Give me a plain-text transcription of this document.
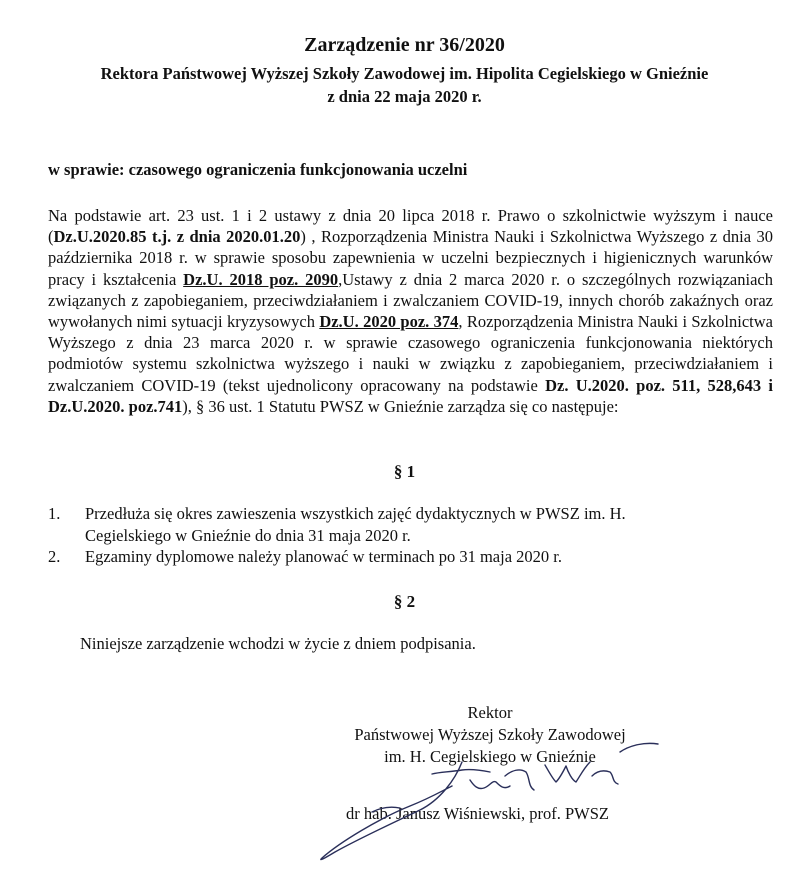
Zarządzenie nr 36/2020
Rektora Państwowej Wyższej Szkoły Zawodowej im. Hipolita Cegielskiego w Gnieźnie
z dnia 22 maja 2020 r.
w sprawie: czasowego ograniczenia funkcjonowania uczelni

Na podstawie art. 23 ust. 1 i 2 ustawy z dnia 20 lipca 2018 r. Prawo o szkolnictwie wyższym i nauce (Dz.U.2020.85 t.j. z dnia 2020.01.20) , Rozporządzenia Ministra Nauki i Szkolnictwa Wyższego z dnia 30 października 2018 r. w sprawie sposobu zapewnienia w uczelni bezpiecznych i higienicznych warunków pracy i kształcenia Dz.U. 2018 poz. 2090,Ustawy z dnia 2 marca 2020 r. o szczególnych rozwiązaniach związanych z zapobieganiem, przeciwdziałaniem i zwalczaniem COVID-19, innych chorób zakaźnych oraz wywołanych nimi sytuacji kryzysowych Dz.U. 2020 poz. 374, Rozporządzenia Ministra Nauki i Szkolnictwa Wyższego z dnia 23 marca 2020 r. w sprawie czasowego ograniczenia funkcjonowania niektórych podmiotów systemu szkolnictwa wyższego i nauki w związku z zapobieganiem, przeciwdziałaniem i zwalczaniem COVID-19 (tekst ujednolicony opracowany na podstawie Dz. U.2020. poz. 511, 528,643 i Dz.U.2020. poz.741), § 36 ust. 1 Statutu PWSZ w Gnieźnie zarządza się co następuje:

§ 1
1. Przedłuża się okres zawieszenia wszystkich zajęć dydaktycznych w PWSZ im. H.
Cegielskiego w Gnieźnie do dnia 31 maja 2020 r.
2. Egzaminy dyplomowe należy planować w terminach po 31 maja 2020 r.
§ 2
Niniejsze zarządzenie wchodzi w życie z dniem podpisania.
Rektor
Państwowej Wyższej Szkoły Zawodowej
im. H. Cegielskiego w Gnieźnie
dr hab. Janusz Wiśniewski, prof. PWSZ
